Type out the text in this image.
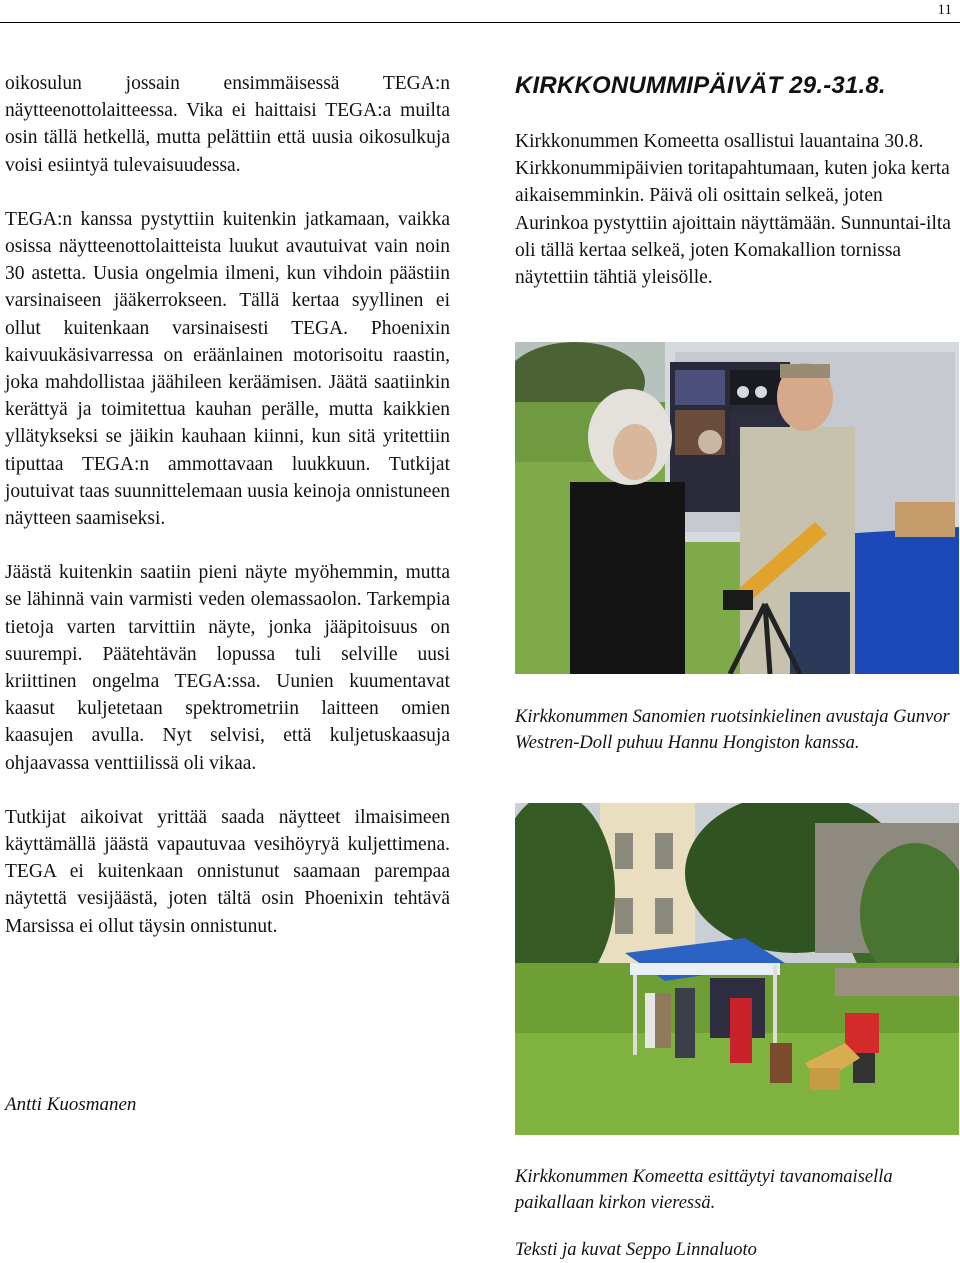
11

oikosulun jossain ensimmäisessä TEGA:n näytteenottolaitteessa. Vika ei haittaisi TEGA:a muilta osin tällä hetkellä, mutta pelättiin että uusia oikosulkuja voisi esiintyä tulevaisuudessa.

TEGA:n kanssa pystyttiin kuitenkin jatkamaan, vaikka osissa näytteenottolaitteista luukut avautuivat vain noin 30 astetta. Uusia ongelmia ilmeni, kun vihdoin päästiin varsinaiseen jääkerrokseen. Tällä kertaa syyllinen ei ollut kuitenkaan varsinaisesti TEGA. Phoenixin kaivuukäsivarressa on eräänlainen motorisoitu raastin, joka mahdollistaa jäähileen keräämisen. Jäätä saatiinkin kerättyä ja toimitettua kauhan perälle, mutta kaikkien yllätykseksi se jäikin kauhaan kiinni, kun sitä yritettiin tiputtaa TEGA:n ammottavaan luukkuun. Tutkijat joutuivat taas suunnittelemaan uusia keinoja onnistuneen näytteen saamiseksi.

Jäästä kuitenkin saatiin pieni näyte myöhemmin, mutta se lähinnä vain varmisti veden olemassaolon. Tarkempia tietoja varten tarvittiin näyte, jonka jääpitoisuus on suurempi. Päätehtävän lopussa tuli selville uusi kriittinen ongelma TEGA:ssa. Uunien kuumentavat kaasut kuljetetaan spektrometriin laitteen omien kaasujen avulla. Nyt selvisi, että kuljetuskaasuja ohjaavassa venttiilissä oli vikaa.

Tutkijat aikoivat yrittää saada näytteet ilmaisimeen käyttämällä jäästä vapautuvaa vesihöyryä kuljettimena. TEGA ei kuitenkaan onnistunut saamaan parempaa näytettä vesijäästä, joten tältä osin Phoenixin tehtävä Marsissa ei ollut täysin onnistunut.

Antti Kuosmanen
KIRKKONUMMIPÄIVÄT 29.-31.8.

Kirkkonummen Komeetta osallistui lauantaina 30.8. Kirkkonummipäivien toritapahtumaan, kuten joka kerta aikaisemminkin. Päivä oli osittain selkeä, joten Aurinkoa pystyttiin ajoittain näyttämään. Sunnuntai-ilta oli tällä kertaa selkeä, joten Komakallion tornissa näytettiin tähtiä yleisölle.

Kirkkonummen Sanomien ruotsinkielinen avustaja Gunvor Westren-Doll puhuu Hannu Hongiston kanssa.

Kirkkonummen Komeetta esittäytyi tavanomaisella paikallaan kirkon vieressä.

Teksti ja kuvat Seppo Linnaluoto
